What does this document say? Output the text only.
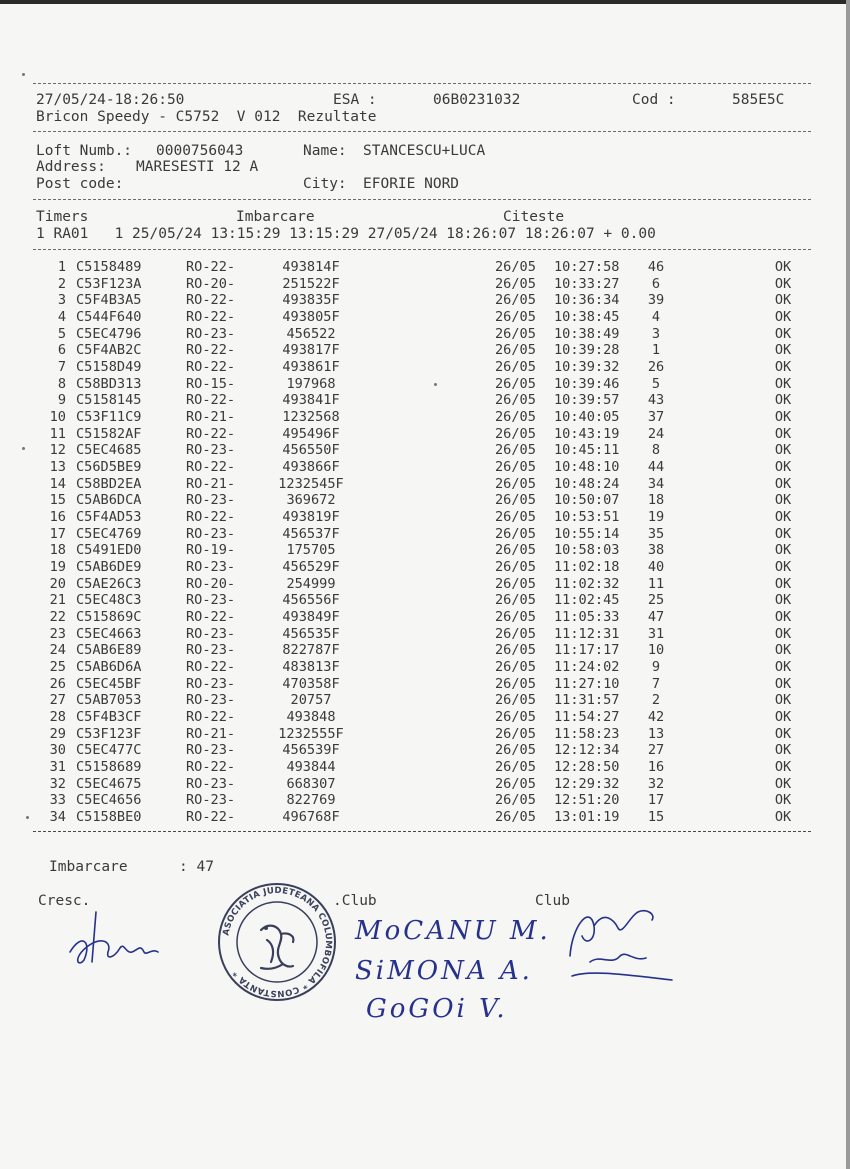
27/05/24-18:26:50	ESA :	06B0231032	Cod :	585E5C
Bricon Speedy - C5752  V 012  Rezultate
Loft Numb.: 0000756043	Name: STANCESCU+LUCA
Address: MARESESTI 12 A
Post code:	City: EFORIE NORD
Timers	Imbarcare	Citeste
1 RA01   1 25/05/24 13:15:29 13:15:29 27/05/24 18:26:07 18:26:07 + 0.00
1 C5158489	RO-22-	493814F	26/05 10:27:58	46	OK
2 C53F123A	RO-20-	251522F	26/05 10:33:27	6	OK
3 C5F4B3A5	RO-22-	493835F	26/05 10:36:34	39	OK
4 C544F640	RO-22-	493805F	26/05 10:38:45	4	OK
5 C5EC4796	RO-23-	456522	26/05 10:38:49	3	OK
6 C5F4AB2C	RO-22-	493817F	26/05 10:39:28	1	OK
7 C5158D49	RO-22-	493861F	26/05 10:39:32	26	OK
8 C58BD313	RO-15-	197968	26/05 10:39:46	5	OK
9 C5158145	RO-22-	493841F	26/05 10:39:57	43	OK
10 C53F11C9	RO-21-	1232568	26/05 10:40:05	37	OK
11 C51582AF	RO-22-	495496F	26/05 10:43:19	24	OK
12 C5EC4685	RO-23-	456550F	26/05 10:45:11	8	OK
13 C56D5BE9	RO-22-	493866F	26/05 10:48:10	44	OK
14 C58BD2EA	RO-21-	1232545F	26/05 10:48:24	34	OK
15 C5AB6DCA	RO-23-	369672	26/05 10:50:07	18	OK
16 C5F4AD53	RO-22-	493819F	26/05 10:53:51	19	OK
17 C5EC4769	RO-23-	456537F	26/05 10:55:14	35	OK
18 C5491ED0	RO-19-	175705	26/05 10:58:03	38	OK
19 C5AB6DE9	RO-23-	456529F	26/05 11:02:18	40	OK
20 C5AE26C3	RO-20-	254999	26/05 11:02:32	11	OK
21 C5EC48C3	RO-23-	456556F	26/05 11:02:45	25	OK
22 C515869C	RO-22-	493849F	26/05 11:05:33	47	OK
23 C5EC4663	RO-23-	456535F	26/05 11:12:31	31	OK
24 C5AB6E89	RO-23-	822787F	26/05 11:17:17	10	OK
25 C5AB6D6A	RO-22-	483813F	26/05 11:24:02	9	OK
26 C5EC45BF	RO-23-	470358F	26/05 11:27:10	7	OK
27 C5AB7053	RO-23-	20757	26/05 11:31:57	2	OK
28 C5F4B3CF	RO-22-	493848	26/05 11:54:27	42	OK
29 C53F123F	RO-21-	1232555F	26/05 11:58:23	13	OK
30 C5EC477C	RO-23-	456539F	26/05 12:12:34	27	OK
31 C5158689	RO-22-	493844	26/05 12:28:50	16	OK
32 C5EC4675	RO-23-	668307	26/05 12:29:32	32	OK
33 C5EC4656	RO-23-	822769	26/05 12:51:20	17	OK
34 C5158BE0	RO-22-	496768F	26/05 13:01:19	15	OK
Imbarcare	: 47
Cresc.	.Club	Club
ASOCIATIA JUDETEANA COLUMBOFILA * CONSTANTA *
MoCANU M.
SiMONA A.
GoGOi V.
